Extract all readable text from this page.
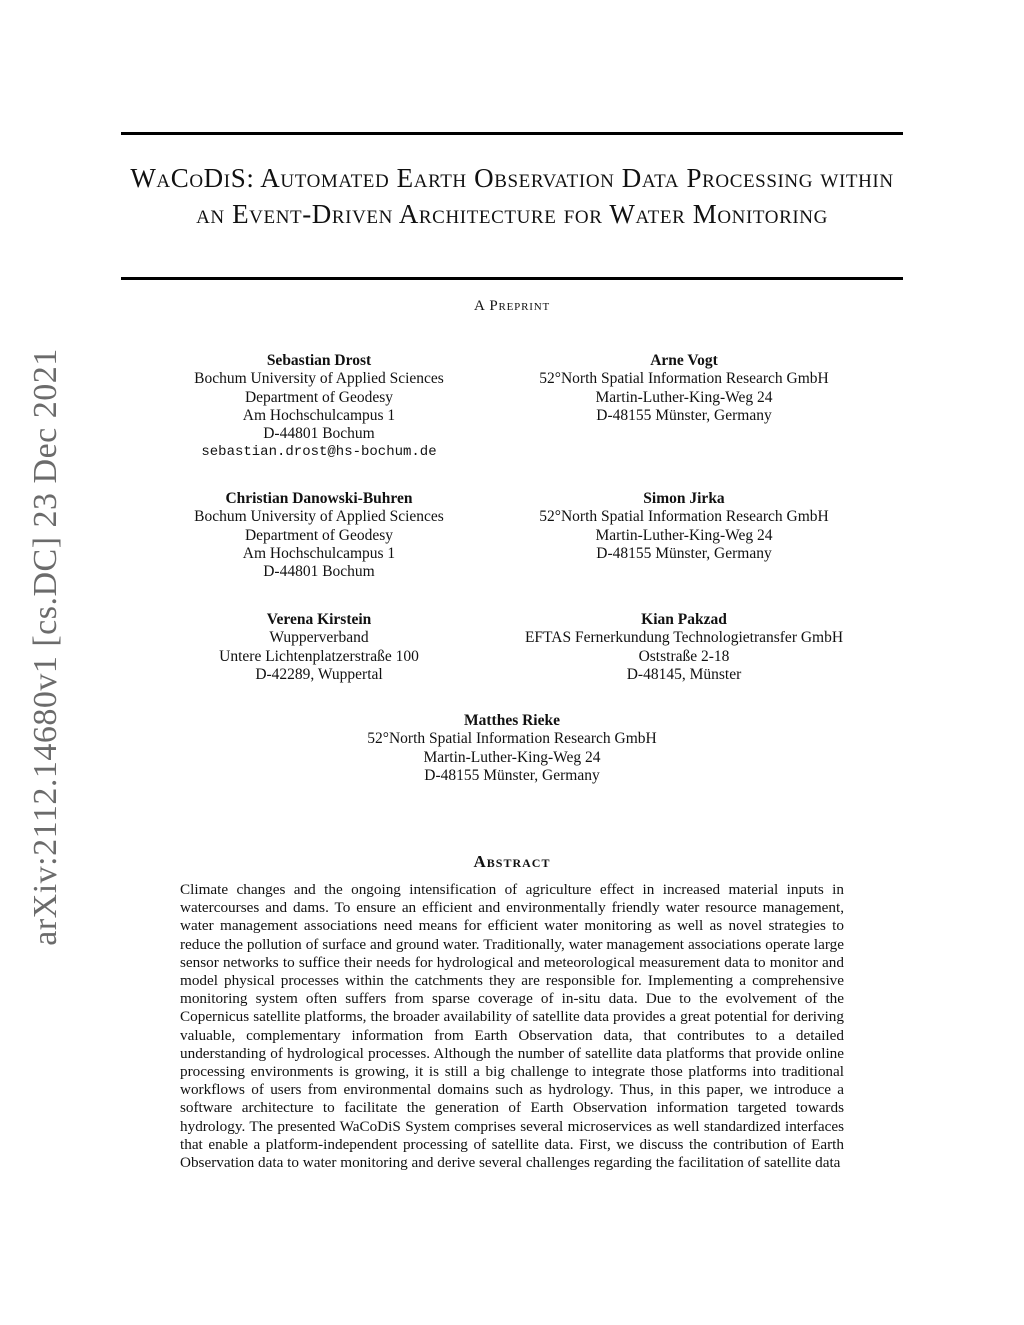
arXiv:2112.14680v1 [cs.DC] 23 Dec 2021
WaCoDiS: Automated Earth Observation Data Processing within an Event-Driven Architecture for Water Monitoring
A Preprint
Sebastian Drost
Bochum University of Applied Sciences
Department of Geodesy
Am Hochschulcampus 1
D-44801 Bochum
sebastian.drost@hs-bochum.de
Arne Vogt
52°North Spatial Information Research GmbH
Martin-Luther-King-Weg 24
D-48155 Münster, Germany
Christian Danowski-Buhren
Bochum University of Applied Sciences
Department of Geodesy
Am Hochschulcampus 1
D-44801 Bochum
Simon Jirka
52°North Spatial Information Research GmbH
Martin-Luther-King-Weg 24
D-48155 Münster, Germany
Verena Kirstein
Wupperverband
Untere Lichtenplatzerstraße 100
D-42289, Wuppertal
Kian Pakzad
EFTAS Fernerkundung Technologietransfer GmbH
Oststraße 2-18
D-48145, Münster
Matthes Rieke
52°North Spatial Information Research GmbH
Martin-Luther-King-Weg 24
D-48155 Münster, Germany
Abstract

Climate changes and the ongoing intensification of agriculture effect in increased material inputs in watercourses and dams. To ensure an efficient and environmentally friendly water resource management, water management associations need means for efficient water monitoring as well as novel strategies to reduce the pollution of surface and ground water. Traditionally, water management associations operate large sensor networks to suffice their needs for hydrological and meteorological measurement data to monitor and model physical processes within the catchments they are responsible for. Implementing a comprehensive monitoring system often suffers from sparse coverage of in-situ data. Due to the evolvement of the Copernicus satellite platforms, the broader availability of satellite data provides a great potential for deriving valuable, complementary information from Earth Observation data, that contributes to a detailed understanding of hydrological processes. Although the number of satellite data platforms that provide online processing environments is growing, it is still a big challenge to integrate those platforms into traditional workflows of users from environmental domains such as hydrology. Thus, in this paper, we introduce a software architecture to facilitate the generation of Earth Observation information targeted towards hydrology. The presented WaCoDiS System comprises several microservices as well standardized interfaces that enable a platform-independent processing of satellite data. First, we discuss the contribution of Earth Observation data to water monitoring and derive several challenges regarding the facilitation of satellite data
